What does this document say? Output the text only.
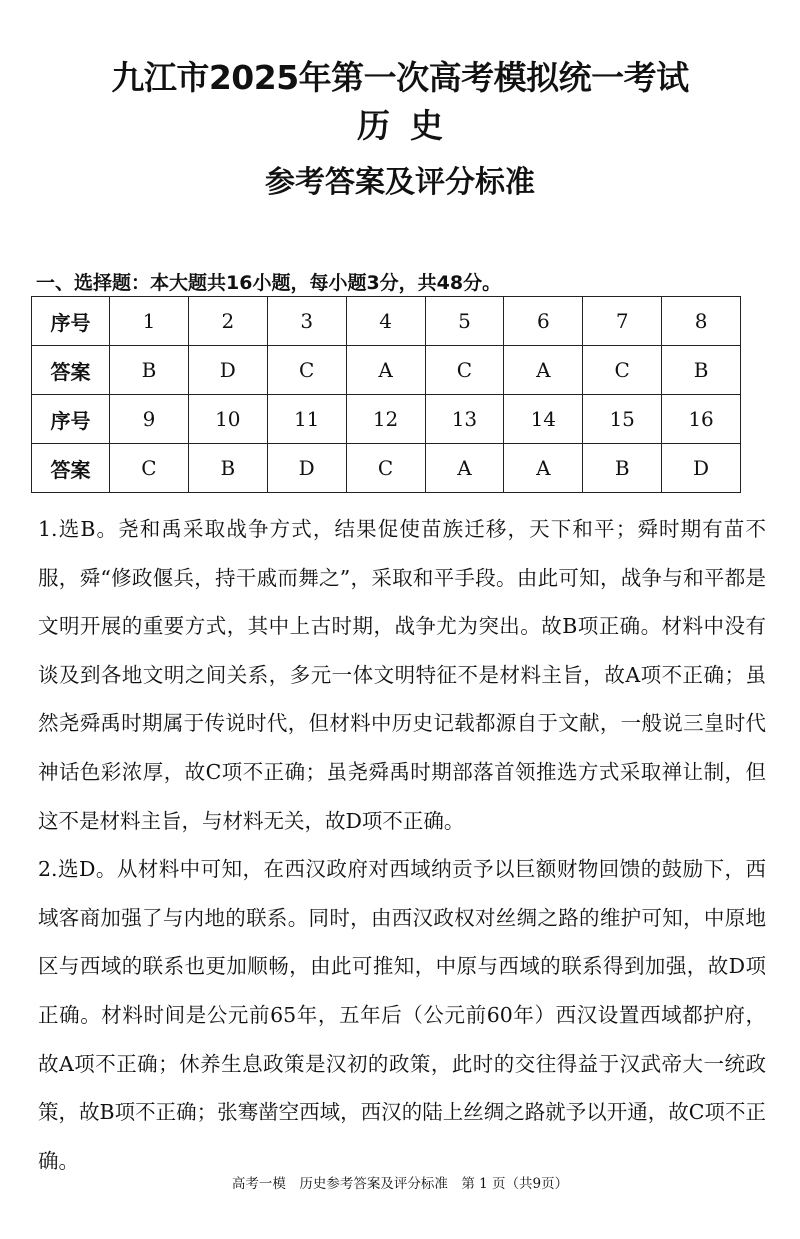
九江市2025年第一次高考模拟统一考试
历史
参考答案及评分标准
一、选择题：本大题共16小题，每小题3分，共48分。
序号	1	2	3	4	5	6	7	8
答案	B	D	C	A	C	A	C	B
序号	9	10	11	12	13	14	15	16
答案	C	B	D	C	A	A	B	D

1.选B。尧和禹采取战争方式，结果促使苗族迁移，天下和平；舜时期有苗不服，舜“修政偃兵，持干戚而舞之”，采取和平手段。由此可知，战争与和平都是文明开展的重要方式，其中上古时期，战争尤为突出。故B项正确。材料中没有谈及到各地文明之间关系，多元一体文明特征不是材料主旨，故A项不正确；虽然尧舜禹时期属于传说时代，但材料中历史记载都源自于文献，一般说三皇时代神话色彩浓厚，故C项不正确；虽尧舜禹时期部落首领推选方式采取禅让制，但这不是材料主旨，与材料无关，故D项不正确。

2.选D。从材料中可知，在西汉政府对西域纳贡予以巨额财物回馈的鼓励下，西域客商加强了与内地的联系。同时，由西汉政权对丝绸之路的维护可知，中原地区与西域的联系也更加顺畅，由此可推知，中原与西域的联系得到加强，故D项正确。材料时间是公元前65年，五年后（公元前60年）西汉设置西域都护府，故A项不正确；休养生息政策是汉初的政策，此时的交往得益于汉武帝大一统政策，故B项不正确；张骞凿空西域，西汉的陆上丝绸之路就予以开通，故C项不正确。

高考一模　历史参考答案及评分标准　第 1 页（共9页）
